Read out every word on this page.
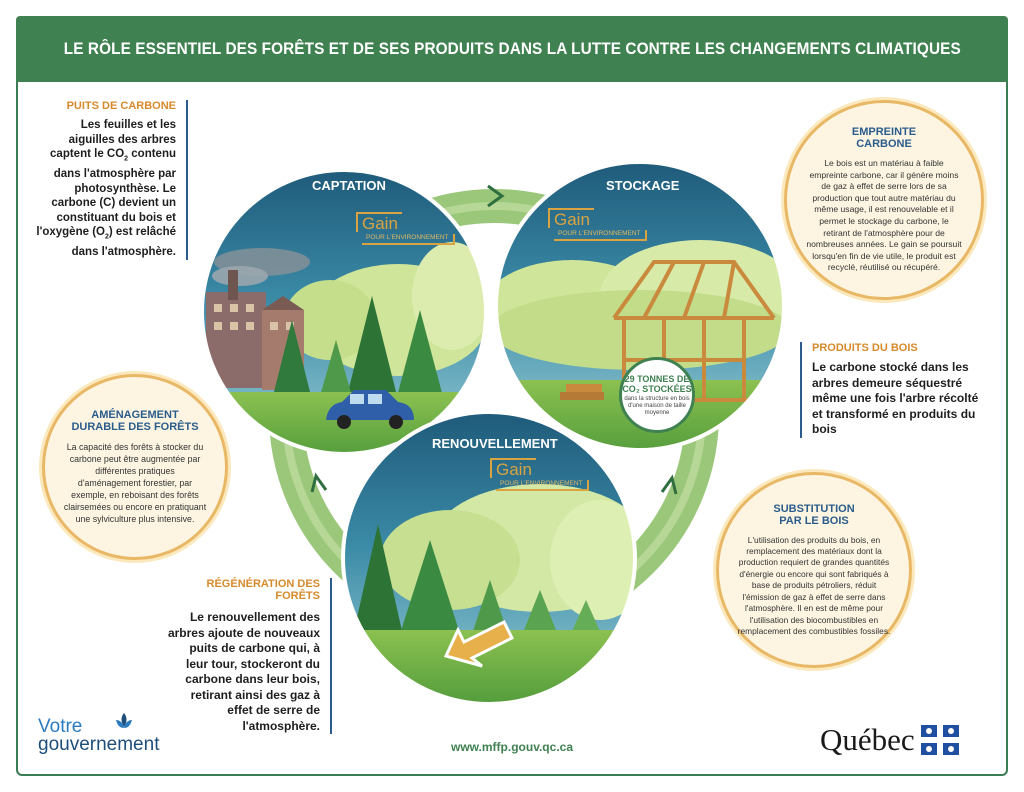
LE RÔLE ESSENTIEL DES FORÊTS ET DE SES PRODUITS DANS LA LUTTE CONTRE LES CHANGEMENTS CLIMATIQUES
CAPTATION	STOCKAGE
RENOUVELLEMENT
Gain
POUR L'ENVIRONNEMENT
Gain
POUR L'ENVIRONNEMENT
Gain
POUR L'ENVIRONNEMENT
29 TONNES DE
CO₂ STOCKÉES
dans la structure en bois d'une maison de taille moyenne
PUITS DE CARBONE
Les feuilles et les aiguilles des arbres captent le $CO_2$ contenu dans l'atmosphère par photosynthèse. Le carbone (C) devient un constituant du bois et l'oxygène $(O_2)$ est relâché dans l'atmosphère.
EMPREINTE
CARBONE
Le bois est un matériau à faible empreinte carbone, car il génère moins de gaz à effet de serre lors de sa production que tout autre matériau du même usage, il est renouvelable et il permet le stockage du carbone, le retirant de l'atmosphère pour de nombreuses années. Le gain se poursuit lorsqu'en fin de vie utile, le produit est recyclé, réutilisé ou récupéré.
PRODUITS DU BOIS
Le carbone stocké dans les arbres demeure séquestré même une fois l'arbre récolté et transformé en produits du bois
AMÉNAGEMENT
DURABLE DES FORÊTS
La capacité des forêts à stocker du carbone peut être augmentée par différentes pratiques d'aménagement forestier, par exemple, en reboisant des forêts clairsemées ou encore en pratiquant une sylviculture plus intensive.
SUBSTITUTION
PAR LE BOIS
L'utilisation des produits du bois, en remplacement des matériaux dont la production requiert de grandes quantités d'énergie ou encore qui sont fabriqués à base de produits pétroliers, réduit l'émission de gaz à effet de serre dans l'atmosphère. Il en est de même pour l'utilisation des biocombustibles en remplacement des combustibles fossiles.
RÉGÉNÉRATION DES FORÊTS
Le renouvellement des arbres ajoute de nouveaux puits de carbone qui, à leur tour, stockeront du carbone dans leur bois, retirant ainsi des gaz à effet de serre de l'atmosphère.
Votre
gouvernement	www.mffp.gouv.qc.ca	Québec
